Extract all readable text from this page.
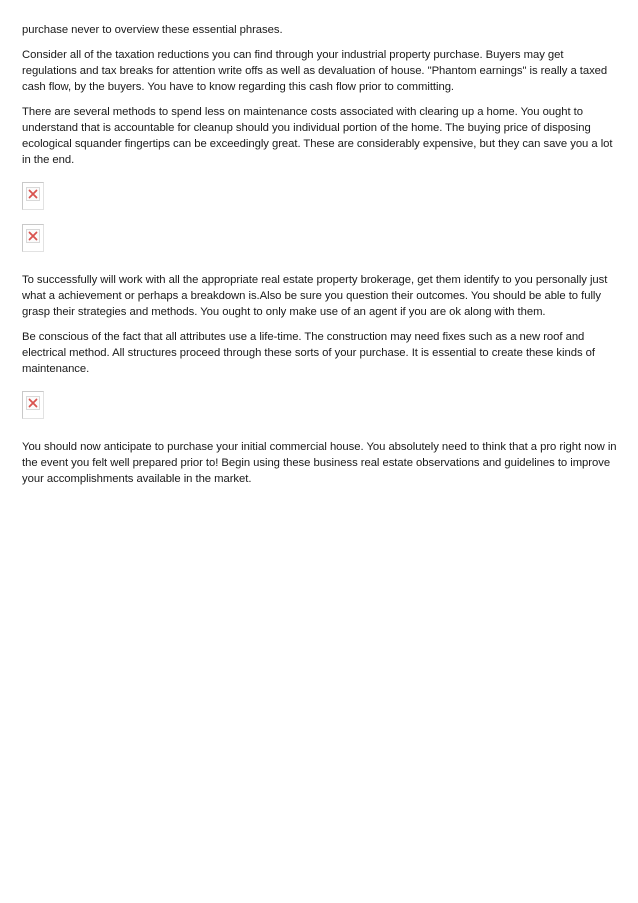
purchase never to overview these essential phrases.

Consider all of the taxation reductions you can find through your industrial property purchase. Buyers may get regulations and tax breaks for attention write offs as well as devaluation of house. "Phantom earnings" is really a taxed cash flow, by the buyers. You have to know regarding this cash flow prior to committing.

There are several methods to spend less on maintenance costs associated with clearing up a home. You ought to understand that is accountable for cleanup should you individual portion of the home. The buying price of disposing ecological squander fingertips can be exceedingly great. These are considerably expensive, but they can save you a lot in the end.

To successfully will work with all the appropriate real estate property brokerage, get them identify to you personally just what a achievement or perhaps a breakdown is.Also be sure you question their outcomes. You should be able to fully grasp their strategies and methods. You ought to only make use of an agent if you are ok along with them.

Be conscious of the fact that all attributes use a life-time. The construction may need fixes such as a new roof and electrical method. All structures proceed through these sorts of your purchase. It is essential to create these kinds of maintenance.

You should now anticipate to purchase your initial commercial house. You absolutely need to think that a pro right now in the event you felt well prepared prior to! Begin using these business real estate observations and guidelines to improve your accomplishments available in the market.
